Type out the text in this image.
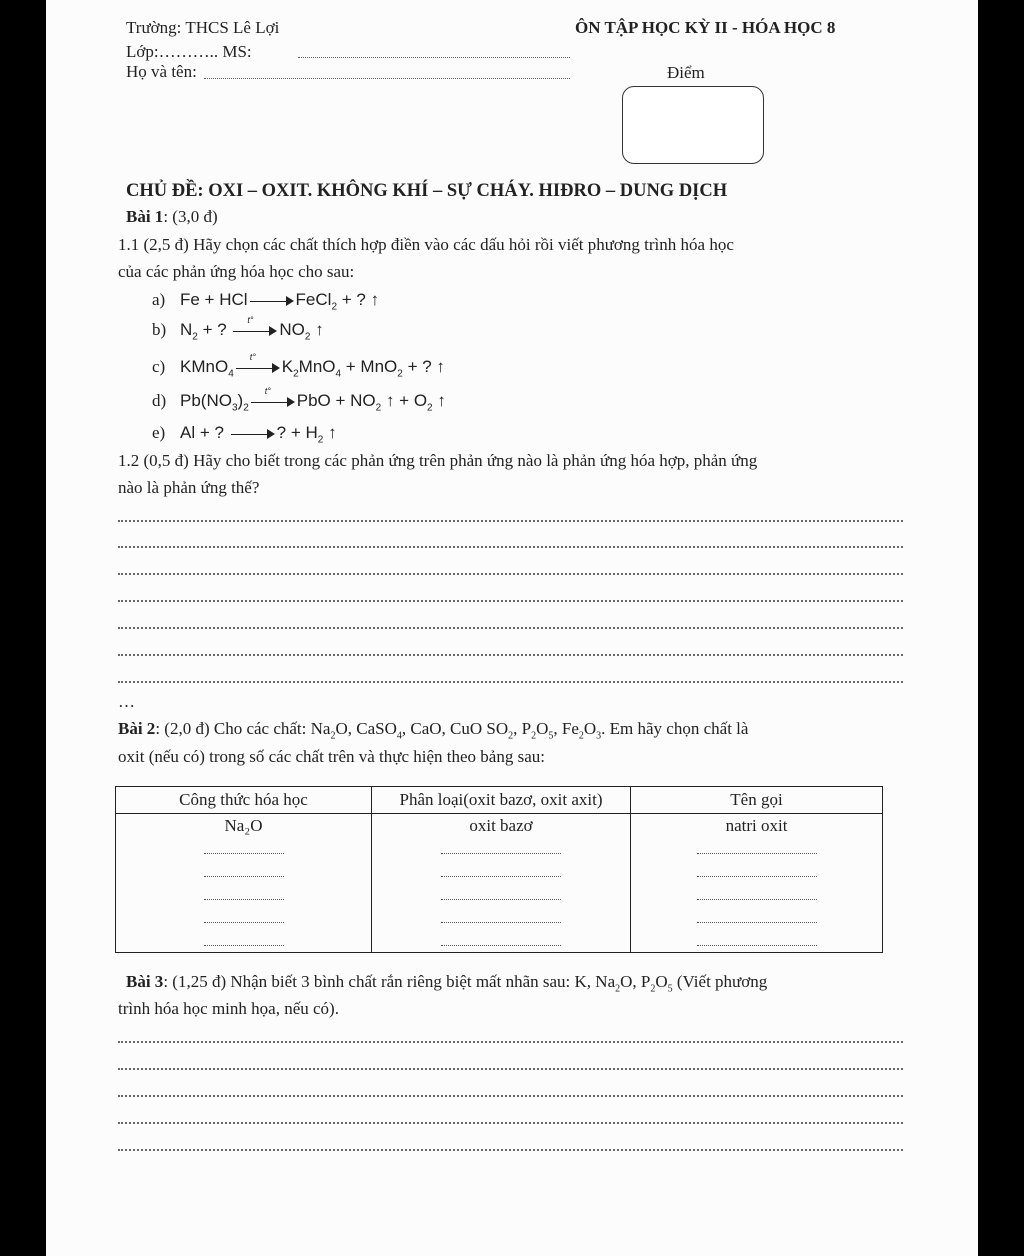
Trường: THCS Lê Lợi	ÔN TẬP HỌC KỲ II - HÓA HỌC 8
Lớp:……….. MS:
Họ và tên:	Điểm
CHỦ ĐỀ: OXI – OXIT. KHÔNG KHÍ – SỰ CHÁY. HIĐRO – DUNG DỊCH
Bài 1: (3,0 đ)
1.1 (2,5 đ) Hãy chọn các chất thích hợp điền vào các dấu hỏi rồi viết phương trình hóa học
của các phản ứng hóa học cho sau:
a) Fe + HCl	FeCl$_2$ + ? ↑
b) $N_2$ + ?
t°
$NO_2$ ↑
c) KMnO$_4$
t°
$K_2MnO_4 + MnO_2$ + ? ↑
d) $Pb(NO_3)_2$
t°
PbO + $NO_2$ ↑ + $O_2$ ↑
e) Al + ?	? + $H_2$ ↑
1.2 (0,5 đ) Hãy cho biết trong các phản ứng trên phản ứng nào là phản ứng hóa hợp, phản ứng
nào là phản ứng thế?
…
Bài 2: (2,0 đ) Cho các chất: $Na_2O$, CaSO$_4$, CaO, CuO $SO_2$, $P_2O_5$, $Fe_2O_3$. Em hãy chọn chất là
oxit (nếu có) trong số các chất trên và thực hiện theo bảng sau:
Công thức hóa học	Phân loại(oxit bazơ, oxit axit)	Tên gọi

Na₂O	oxit bazơ	natri oxit
Bài 3: (1,25 đ) Nhận biết 3 bình chất rắn riêng biệt mất nhãn sau: K, $Na_2O$, $P_2O_5$ (Viết phương
trình hóa học minh họa, nếu có).
